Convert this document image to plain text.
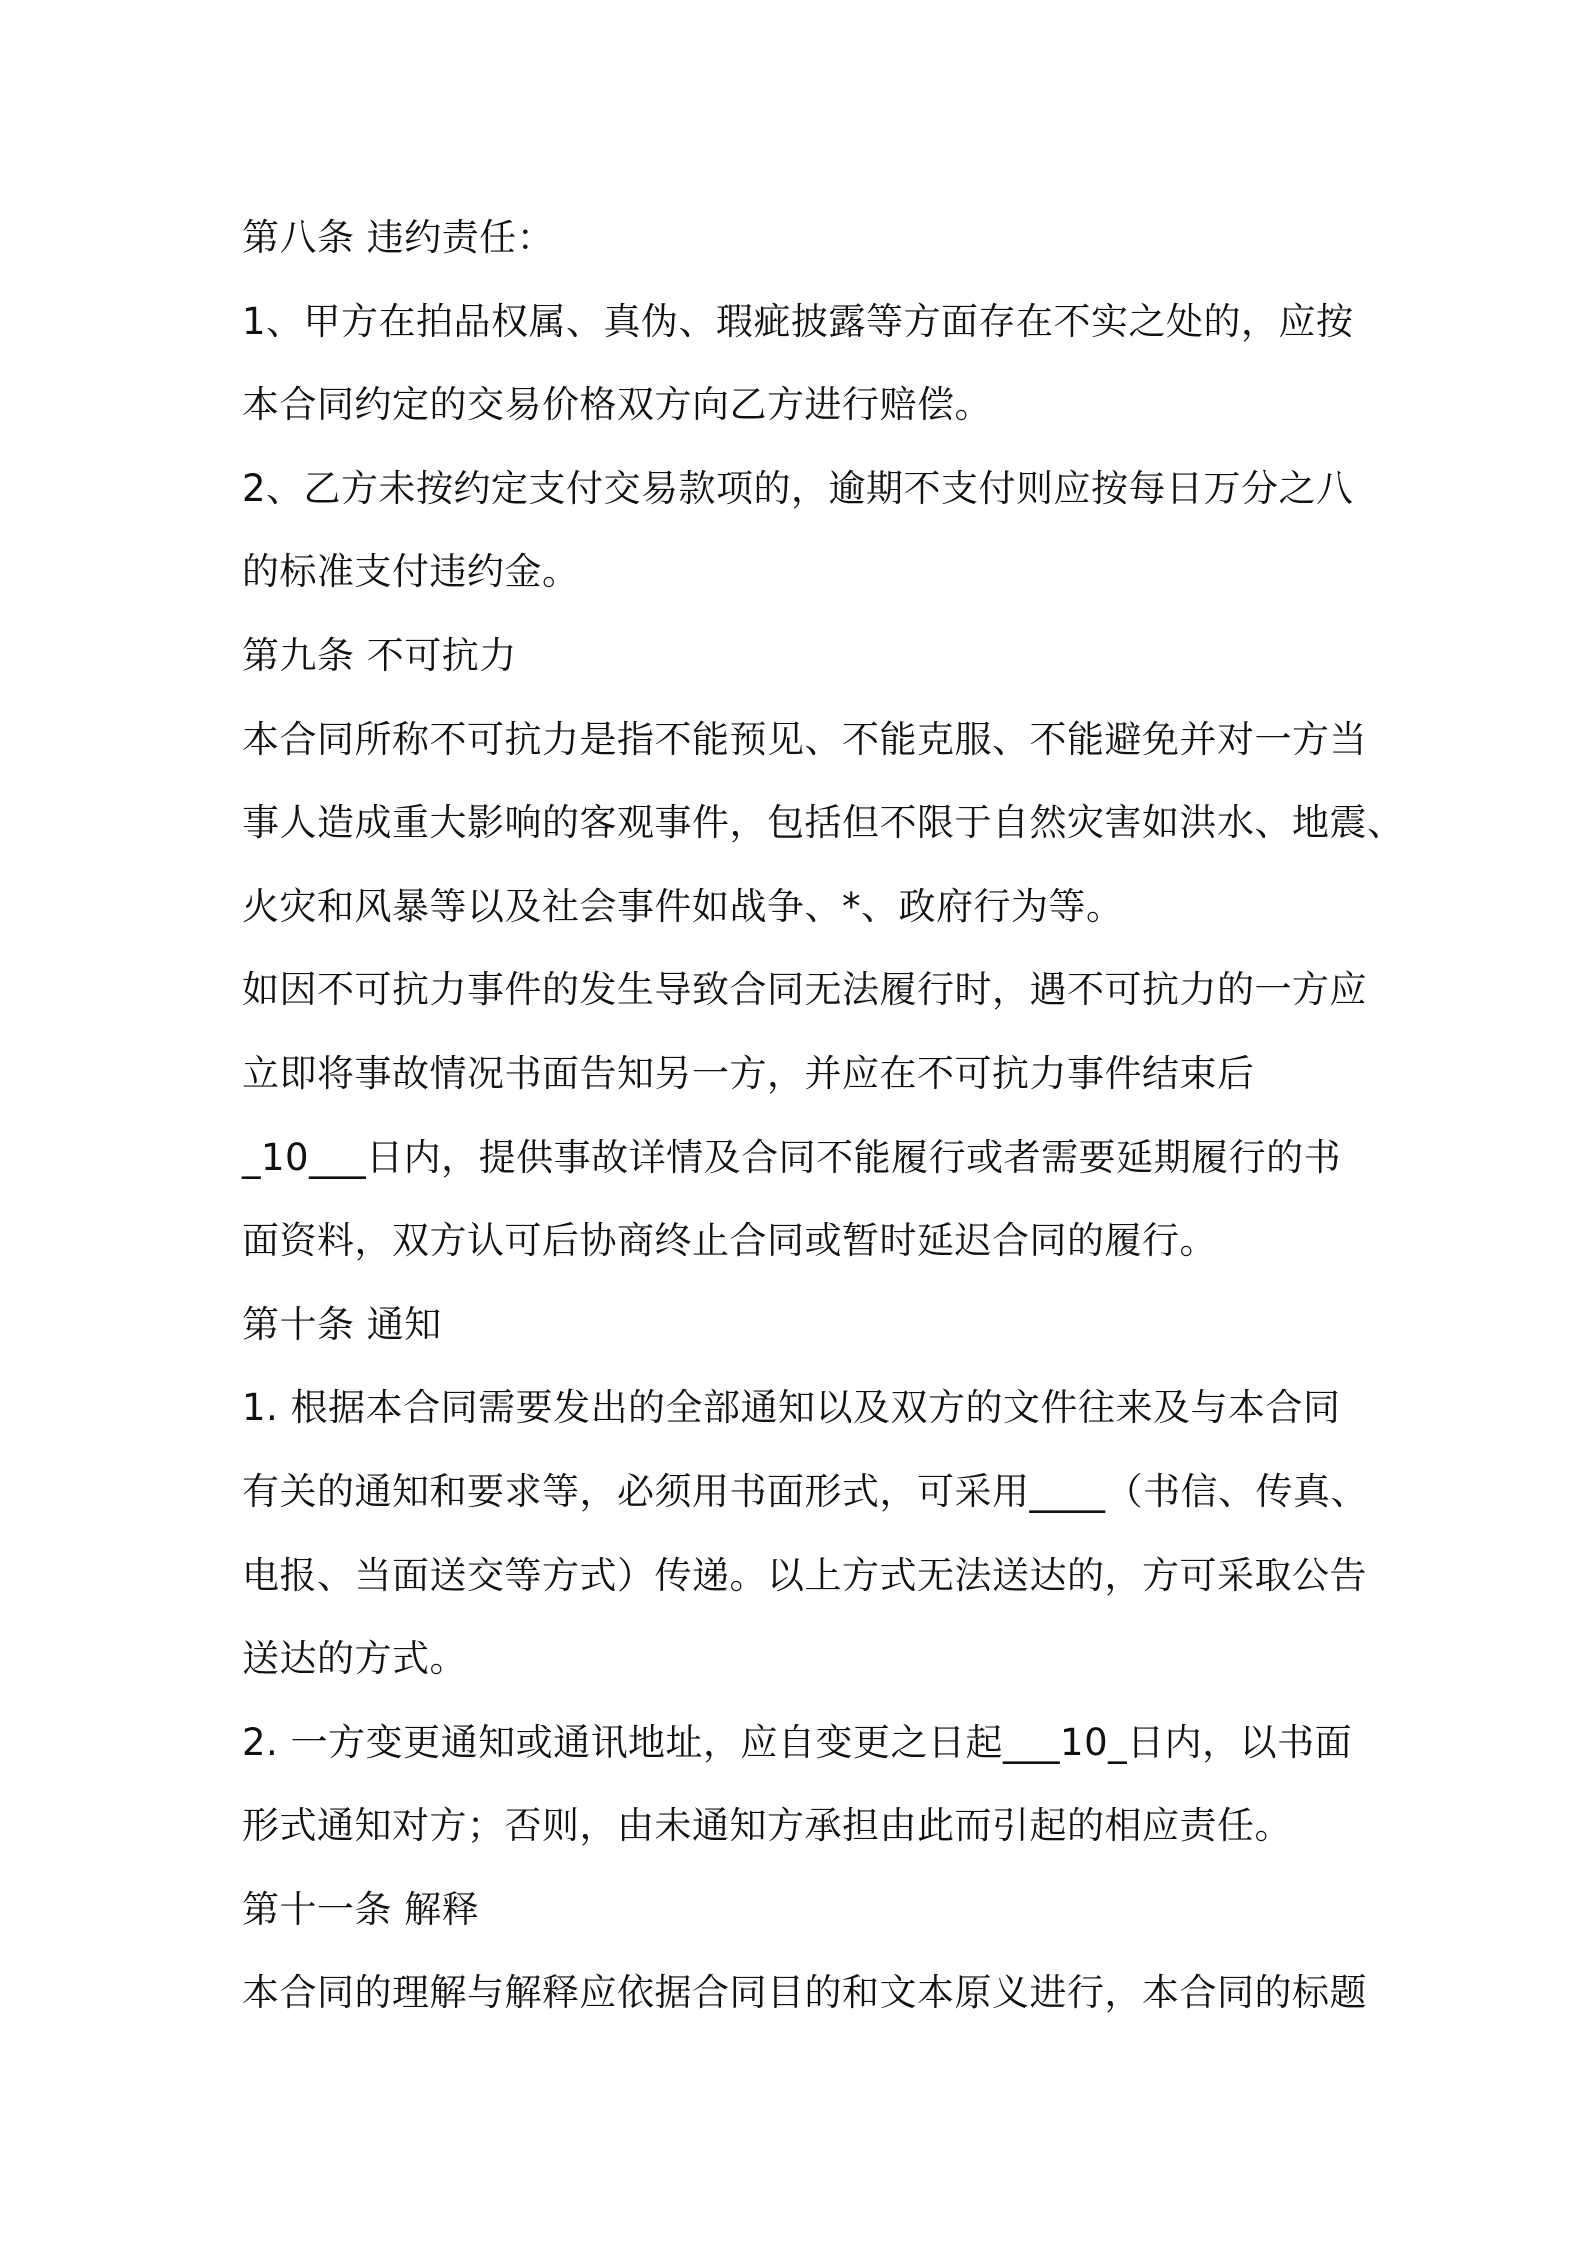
第八条 违约责任：
1、甲方在拍品权属、真伪、瑕疵披露等方面存在不实之处的，应按
本合同约定的交易价格双方向乙方进行赔偿。
2、乙方未按约定支付交易款项的，逾期不支付则应按每日万分之八
的标准支付违约金。
第九条 不可抗力
本合同所称不可抗力是指不能预见、不能克服、不能避免并对一方当
事人造成重大影响的客观事件，包括但不限于自然灾害如洪水、地震、
火灾和风暴等以及社会事件如战争、*、政府行为等。
如因不可抗力事件的发生导致合同无法履行时，遇不可抗力的一方应
立即将事故情况书面告知另一方，并应在不可抗力事件结束后
_10___日内，提供事故详情及合同不能履行或者需要延期履行的书
面资料，双方认可后协商终止合同或暂时延迟合同的履行。
第十条 通知
1. 根据本合同需要发出的全部通知以及双方的文件往来及与本合同
有关的通知和要求等，必须用书面形式，可采用____（书信、传真、
电报、当面送交等方式）传递。以上方式无法送达的，方可采取公告
送达的方式。
2. 一方变更通知或通讯地址，应自变更之日起___10_日内，以书面
形式通知对方；否则，由未通知方承担由此而引起的相应责任。
第十一条 解释
本合同的理解与解释应依据合同目的和文本原义进行，本合同的标题
